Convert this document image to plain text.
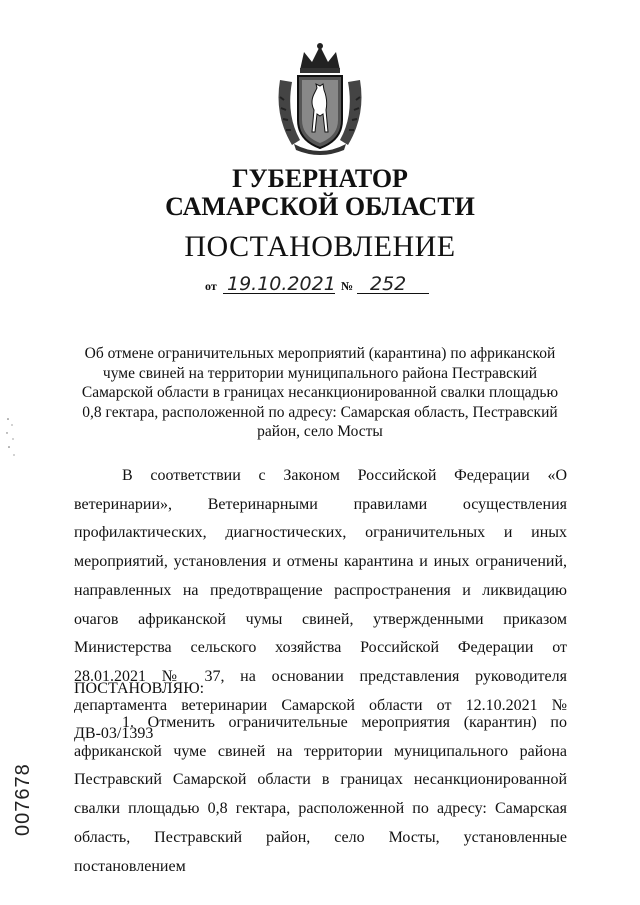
ГУБЕРНАТОР
САМАРСКОЙ ОБЛАСТИ
ПОСТАНОВЛЕНИЕ
от 19.10.2021 № 252
Об отмене ограничительных мероприятий (карантина) по африканской чуме свиней на территории муниципального района Пестравский Самарской области в границах несанкционированной свалки площадью 0,8 гектара, расположенной по адресу: Самарская область, Пестравский район, село Мосты

В соответствии с Законом Российской Федерации «О ветеринарии», Ветеринарными правилами осуществления профилактических, диагностических, ограничительных и иных мероприятий, установления и отмены карантина и иных ограничений, направленных на предотвращение распространения и ликвидацию очагов африканской чумы свиней, утвержденными приказом Министерства сельского хозяйства Российской Федерации от 28.01.2021 № 37, на основании представления руководителя департамента ветеринарии Самарской области от 12.10.2021 № ДВ-03/1393

ПОСТАНОВЛЯЮ:

1. Отменить ограничительные мероприятия (карантин) по африканской чуме свиней на территории муниципального района Пестравский Самарской области в границах несанкционированной свалки площадью 0,8 гектара, расположенной по адресу: Самарская область, Пестравский район, село Мосты, установленные постановлением

007678
